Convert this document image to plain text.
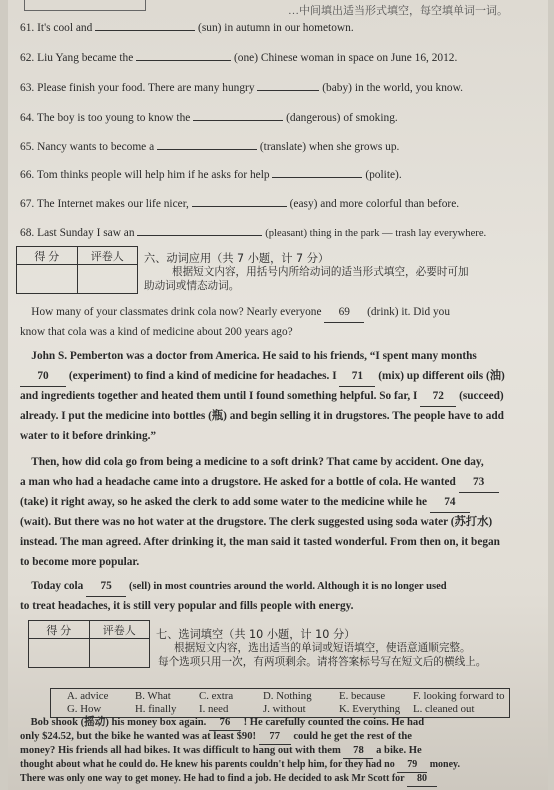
…中间填出适当形式填空，每空填单词一词。
61. It's cool and	(sun) in autumn in our hometown.
62. Liu Yang became the	(one) Chinese woman in space on June 16, 2012.
63. Please finish your food. There are many hungry	(baby) in the world, you know.
64. The boy is too young to know the	(dangerous) of smoking.
65. Nancy wants to become a	(translate) when she grows up.
66. Tom thinks people will help him if he asks for help	(polite).
67. The Internet makes our life nicer,	(easy) and more colorful than before.
68. Last Sunday I saw an	(pleasant) thing in the park — trash lay everywhere.
得 分	评卷人
	六、动词应用（共 7 小题，计 7 分）
根据短文内容，用括号内所给动词的适当形式填空，必要时可加
助动词或情态动词。
How many of your classmates drink cola now? Nearly everyone 69 (drink) it. Did you
know that cola was a kind of medicine about 200 years ago?
John S. Pemberton was a doctor from America. He said to his friends, “I spent many months
70 (experiment) to find a kind of medicine for headaches. I 71 (mix) up different oils (油)
and ingredients together and heated them until I found something helpful. So far, I 72 (succeed)
already. I put the medicine into bottles (瓶) and begin selling it in drugstores. The people have to add
water to it before drinking.”
Then, how did cola go from being a medicine to a soft drink? That came by accident. One day,
a man who had a headache came into a drugstore. He asked for a bottle of cola. He wanted 73
(take) it right away, so he asked the clerk to add some water to the medicine while he 74
(wait). But there was no hot water at the drugstore. The clerk suggested using soda water (苏打水)
instead. The man agreed. After drinking it, the man said it tasted wonderful. From then on, it began
to become more popular.
Today cola 75 (sell) in most countries around the world. Although it is no longer used
to treat headaches, it is still very popular and fills people with energy.
得 分	评卷人
	七、选词填空（共 10 小题，计 10 分）
根据短文内容，选出适当的单词或短语填空，使语意通顺完整。
每个选项只用一次，有两项剩余。请将答案标号写在短文后的横线上。
A. advice B. What	C. extra	D. Nothing	E. because	F. looking forward to
G. How	H. finally I. need	J. without	K. Everything L. cleaned out
Bob shook (摇动) his money box again. 76 ! He carefully counted the coins. He had
only $24.52, but the bike he wanted was at least $90! 77 could he get the rest of the
money? His friends all had bikes. It was difficult to hang out with them 78 a bike. He
thought about what he could do. He knew his parents couldn't help him, for they had no 79 money.
There was only one way to get money. He had to find a job. He decided to ask Mr Scott for 80
